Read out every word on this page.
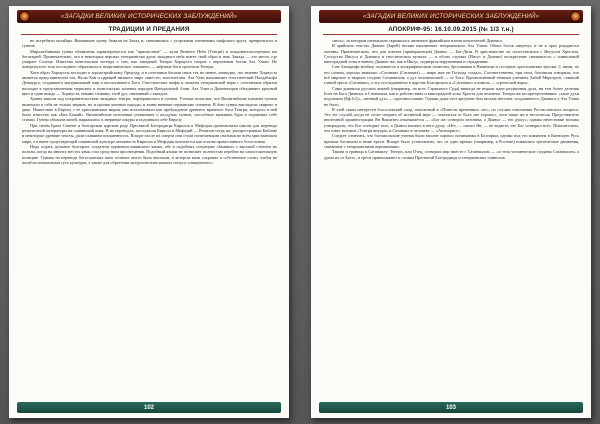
«ЗАГАДКИ ВЕЛИКИХ ИСТОРИЧЕСКИХ ЗАБЛУЖДЕНИЙ»
ТРАДИЦИИ И ПРЕДАНИЯ

не истребили китайцы. Выжившие хунну бежали на Запад и, смешавшись с угорскими племенами скифского круга, превратились в гуннов.

Миролюбивыми гунны объявлены характеризуется как "пришествие" — купи Вечного Неба (Тенгри) и покровительствуемых им богатырей. Примечательно, что в некоторых версиях тенгрианства душа западного неба имеет свой образ и имя. Запада — это место, где умирает Солнце. Известна монгольская легенда о том, как западный Тенгри Хормуста спорит с верховным богом Ата Улаан. Не повергнутого тела последнего образовалось неорганическое «нижнее» — мёртвые боги прогнали Тенгри.

Хотя образ Хормусты восходит к зороастрийскому Ормузду, и в сочетании богами связь тех не менее, очевидно, что именно Хормуста является представителем зла, Налы-Хан и царицей низшего мира «вместо» властителем. Ата Улан напоминает гностический Иалдабаофа Демиурга, создавшего материальный мир и воплотившего Бога. Гностические мифы и сюжеты тенгрианской веры с сочетанием образов восходят к представлениям тюркских и монгольских кочевых народов Центральной Азии. Ата Улан и Дианизгиров объединяет красный цвет и один вождь — Хормуста, иными словами, злой дух, связанный с западом.

Хунны вышли под покровительством западных тенгри, переправились в гуннов. Ученые полагают, что Византийские племена гуннов включали в себя не только тюрков, но и прочие кочевые народы, и воинственные германские племена. В бою гунны выглядели свирепо и дико. Нашествие в Европу с её христианским миром они использовали как пробуждение древнего мрачного бога Тенгри, которого в ней было известно как «Бич Божий». Византийские источники упоминают о колдунах гуннов, способных вызывать бури и подчинять себе стихии. Гунны обожали коней, наряжались в звериные шкуры и подчиняли себе Европу.

При своём Брата Семене и болгарском царском роде Пресвятой Богородицы Кирилла и Мефодия организовали школы для перевода религиозной литературы на славянский язык. В их переводах, послужили Кирилл и Мефодий — Ремизов тогда же, распространяли Библию и некоторые древние тексты, дали славянам письменность. Вскоре после их смерти они стали почитаемыми святыми во всём христианском мире, а в ныне существующей славянской культуре книжность Кирилла и Мефодия почитается как основа православного богословия.

Надо отдать должное болгарам: создатели церковнославянского языка, обе в подобных ситуациях объявили о высокой степени их пользы, когда на многих местах язык стал средством просвещения. Подобный языки не позволяет полностью перейти на самостоятельную позицию. Однако на переводе богословских книг отличие могло быть высоким, в котором язык сохранял и собственное слово, чтобы не погибла изначальная суть культуры, а также для обретения литургическим языком статуса «священного».

102
«ЗАГАДКИ ВЕЛИКИХ ИСТОРИЧЕСКИХ ЗАБЛУЖДЕНИЙ»
АПОКРИФ-95: 16.10.09.2015 (№ 1/3 т.н.)

«весь», за которым изначально скрывалось античное фракийское племя почитателей Дианиса.

В арийских текстах Дианис (Зарей) весьма напоминает тенгрианского Ата Улана. Обоих богов свергнут, и не в прах рождаются мотивы. Примечательно, что для аскетов (приверженцев) Дианис — Бог-Дитя. В христианстве он сопоставлялся с Иисусом Христом. Соседство Иисуса и Дианиса в гностических культах — в обоих случаях (Иисус и Дианис) воскресение связывалось с символикой виноградной лозы и вином, Дианис-же, как и Иисус, подвергся нарушениям и страданиям.

Сам Апокрифа вообще склоняется к апокрифическим сюжетам, бросившим в Византии и соседних христианских ересям. С ними, по его словам, хорошо знакомы: «Сатанаил (Сатанаил) — тварь иже не Господа создал». Соответственно, при этом, богомилы говорили, что всё мирское и тварное создано Сатанаилом, а дух человеческий — от Бога. Вдохновлённый тёмным учением, Бабай Мирогрон, ставший главой ереси «Сатанаил», а его последователи в царстве Болгарском и «Сатанаил» в книгах — «греческой веры».

Сами дианисья русских князей (например, на всех Страшного Суда) никогда не ведали идеи раздвоения духа, ни тем более деления Бога на Бога Дианиса и Сатанаила, как и рабство вина и виноградной лозы Христа для человека. Тенгри же кесаря-противника: «злые духи подгоняли (Бф 6:1)», «вечный дух» — противостояние. Однако даже этот аргумент был весьма неточен: «подлинного» Дианиса у Ата Улана не было.

В этой связи интересен богословский спор, описанный в «Повести временных лет», по случаю отношения Ростиславского вопроса. Это тот случай, когда не стоит спорить об истинной вере — отказаться от Бога «не хорошо», хотя такие же и несогласия. Представитель иноземной администрации Ян Вышатич отказывается — «Бог же сотворил человека, а Дьявол — его душу»; однако нечестивые волхвы утверждали, что Бог сотворил тело, а Дьявол вложил в него душу. «Нет, — сказал Ян, — не ведаете, что Бог сотворил всё». Показательно, что ответ волхвов «Тенгри внутри» и Сатанаил в человеке — «Антихрист».

Следует отметить, что богомильские учения были вполне хорошо понимаемы в Болгарии, однако под его влиянием в Киевскую Русь пришли богомилы и иные ереси. Вскоре было установлено, что «в одно время» (например, в Ростове) появились еретические движения, связанные с тенгрианскими верованиями.

Такова и граница к Сатанаилу: Тенгри, или Отец, сотворил мир вместе с Сатанаилом — «и тела человеческие созданы Сатанаилом, а души их от Бога», и ереси приписывают к словам Пресвятой Богородицы и тенгрианских символов.

103
